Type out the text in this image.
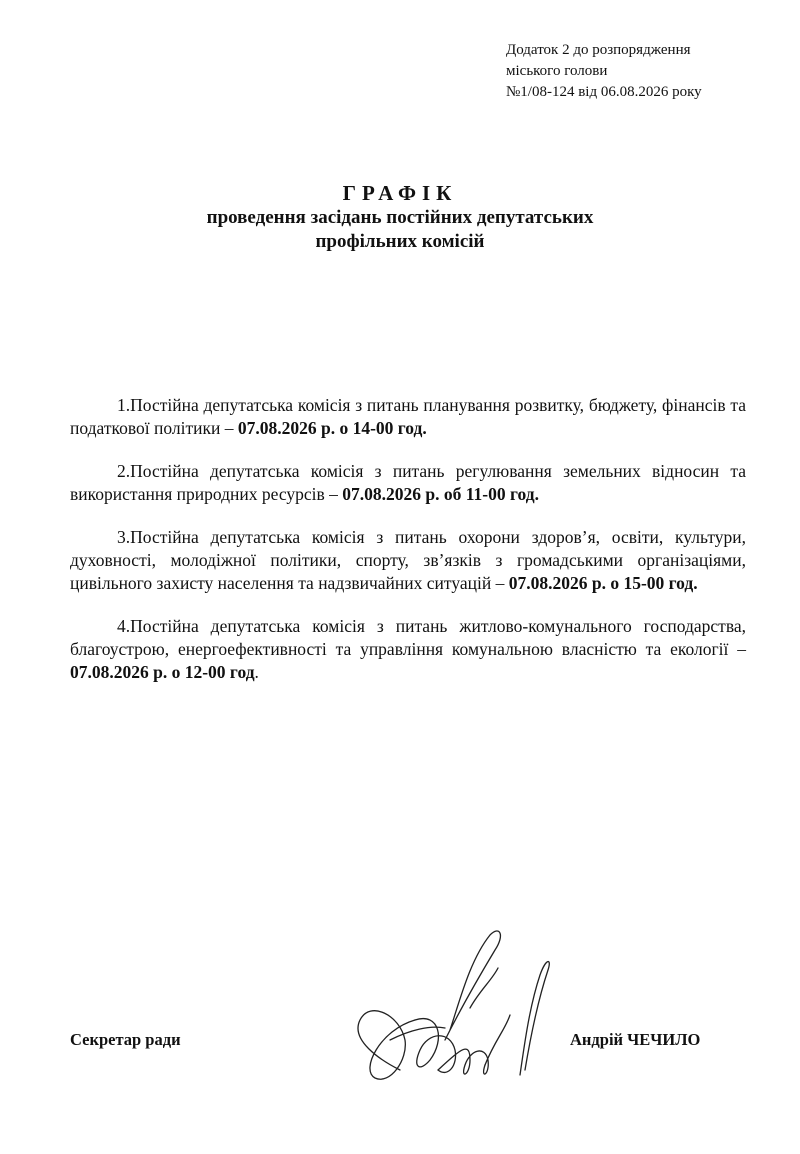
Додаток 2 до розпорядження
міського голови
№1/08-124 від 06.08.2026 року
ГРАФІК
проведення засідань постійних депутатських
профільних комісій

1.Постійна депутатська комісія з питань планування розвитку, бюджету, фінансів та податкової політики – 07.08.2026 р. о 14-00 год.

2.Постійна депутатська комісія з питань регулювання земельних відносин та використання природних ресурсів – 07.08.2026 р. об 11-00 год.

3.Постійна депутатська комісія з питань охорони здоров’я, освіти, культури, духовності, молодіжної політики, спорту, зв’язків з громадськими організаціями, цивільного захисту населення та надзвичайних ситуацій – 07.08.2026 р. о 15-00 год.

4.Постійна депутатська комісія з питань житлово-комунального господарства, благоустрою, енергоефективності та управління комунальною власністю та екології – 07.08.2026 р. о 12-00 год.

Секретар ради	Андрій ЧЕЧИЛО
